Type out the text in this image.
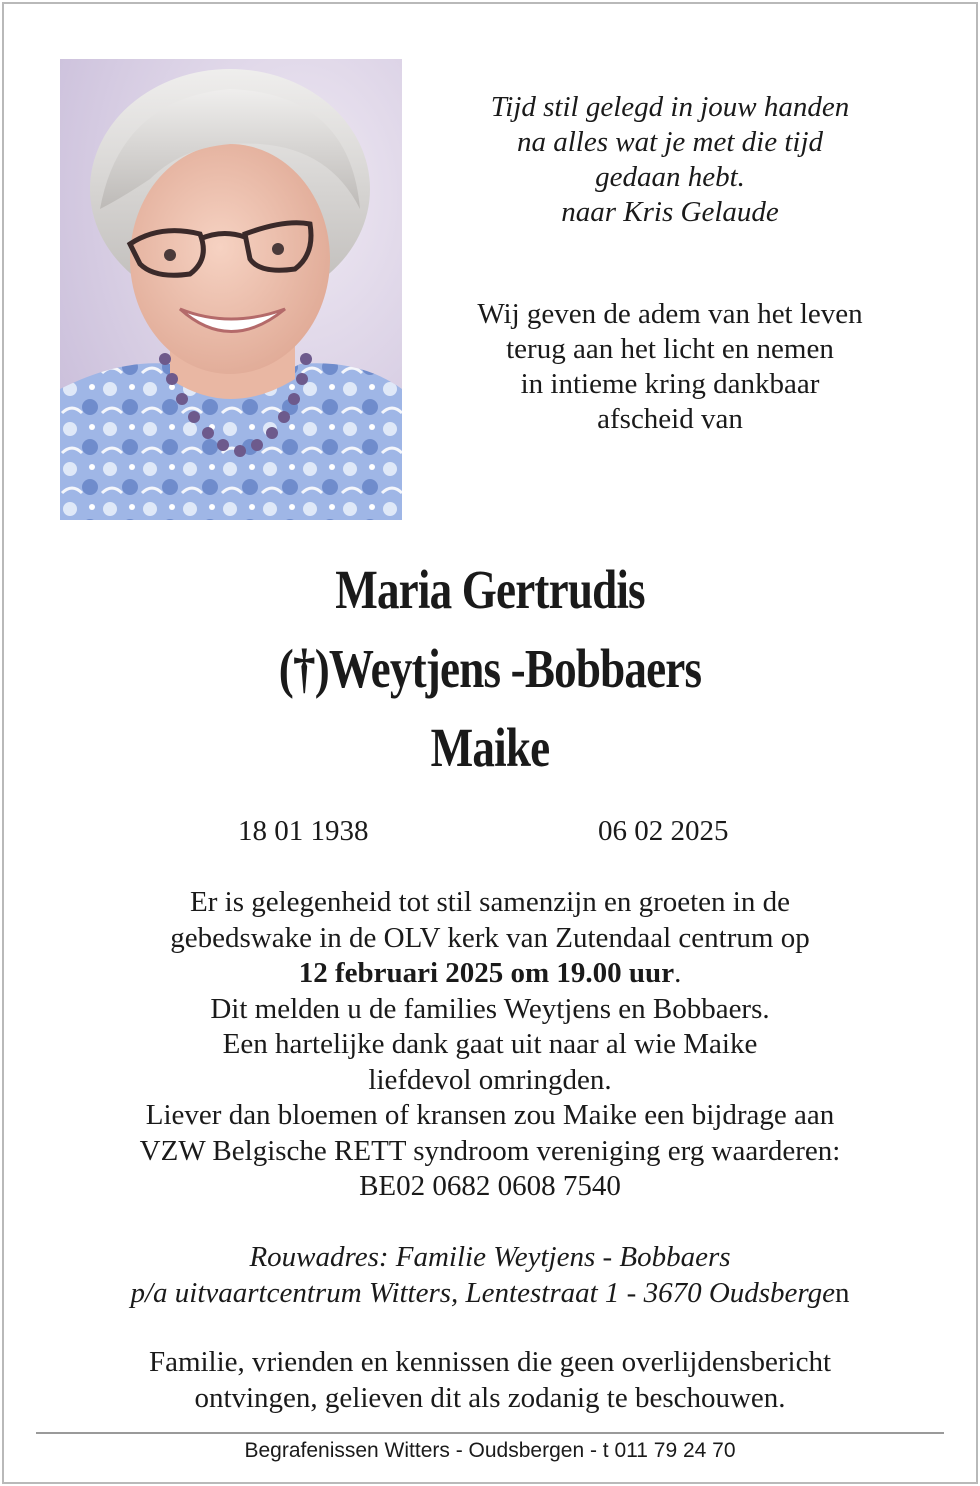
Tijd stil gelegd in jouw handen
na alles wat je met die tijd
gedaan hebt.
naar Kris Gelaude
Wij geven de adem van het leven
terug aan het licht en nemen
in intieme kring dankbaar
afscheid van
Maria Gertrudis
(†)Weytjens -Bobbaers
Maike
18 01 1938	06 02 2025
Er is gelegenheid tot stil samenzijn en groeten in de
gebedswake in de OLV kerk van Zutendaal centrum op
12 februari 2025 om 19.00 uur.
Dit melden u de families Weytjens en Bobbaers.
Een hartelijke dank gaat uit naar al wie Maike
liefdevol omringden.
Liever dan bloemen of kransen zou Maike een bijdrage aan
VZW Belgische RETT syndroom vereniging erg waarderen:
BE02 0682 0608 7540
Rouwadres: Familie Weytjens - Bobbaers
p/a uitvaartcentrum Witters, Lentestraat 1 - 3670 Oudsbergen
Familie, vrienden en kennissen die geen overlijdensbericht
ontvingen, gelieven dit als zodanig te beschouwen.
Begrafenissen Witters - Oudsbergen - t 011 79 24 70
